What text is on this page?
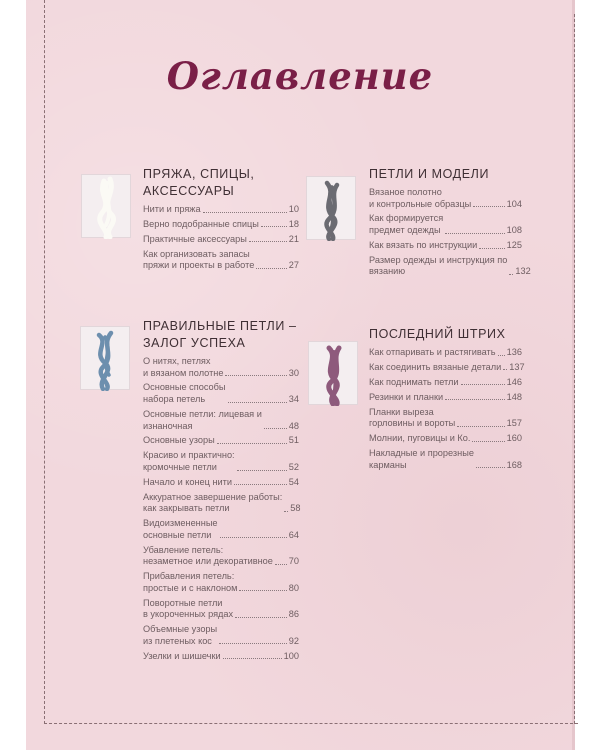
Оглавление
ПРЯЖА, СПИЦЫ,
АКСЕССУАРЫ
Нити и пряжа	10
Верно подобранные спицы	18
Практичные аксессуары	21
Как организовать запасы
пряжи и проекты в работе	27
ПРАВИЛЬНЫЕ ПЕТЛИ –
ЗАЛОГ УСПЕХА
О нитях, петлях
и вязаном полотне	30
Основные способы
набора петель	34
Основные петли: лицевая и
изнаночная	48
Основные узоры	51
Красиво и практично:
кромочные петли	52
Начало и конец нити	54
Аккуратное завершение работы:
как закрывать петли	58
Видоизмененные
основные петли	64
Убавление петель:
незаметное или декоративное 70
Прибавления петель:
простые и с наклоном	80
Поворотные петли
в укороченных рядах	86
Объемные узоры
из плетеных кос	92
Узелки и шишечки	100
ПЕТЛИ И МОДЕЛИ
Вязаное полотно
и контрольные образцы	104
Как формируется
предмет одежды	108
Как вязать по инструкции	125
Размер одежды и инструкция по
вязанию	132
ПОСЛЕДНИЙ ШТРИХ
Как отпаривать и растягивать 136
Как соединить вязаные детали 137
Как поднимать петли	146
Резинки и планки	148
Планки выреза
горловины и вороты	157
Молнии, пуговицы и Ко.	160
Накладные и прорезные
карманы	168
